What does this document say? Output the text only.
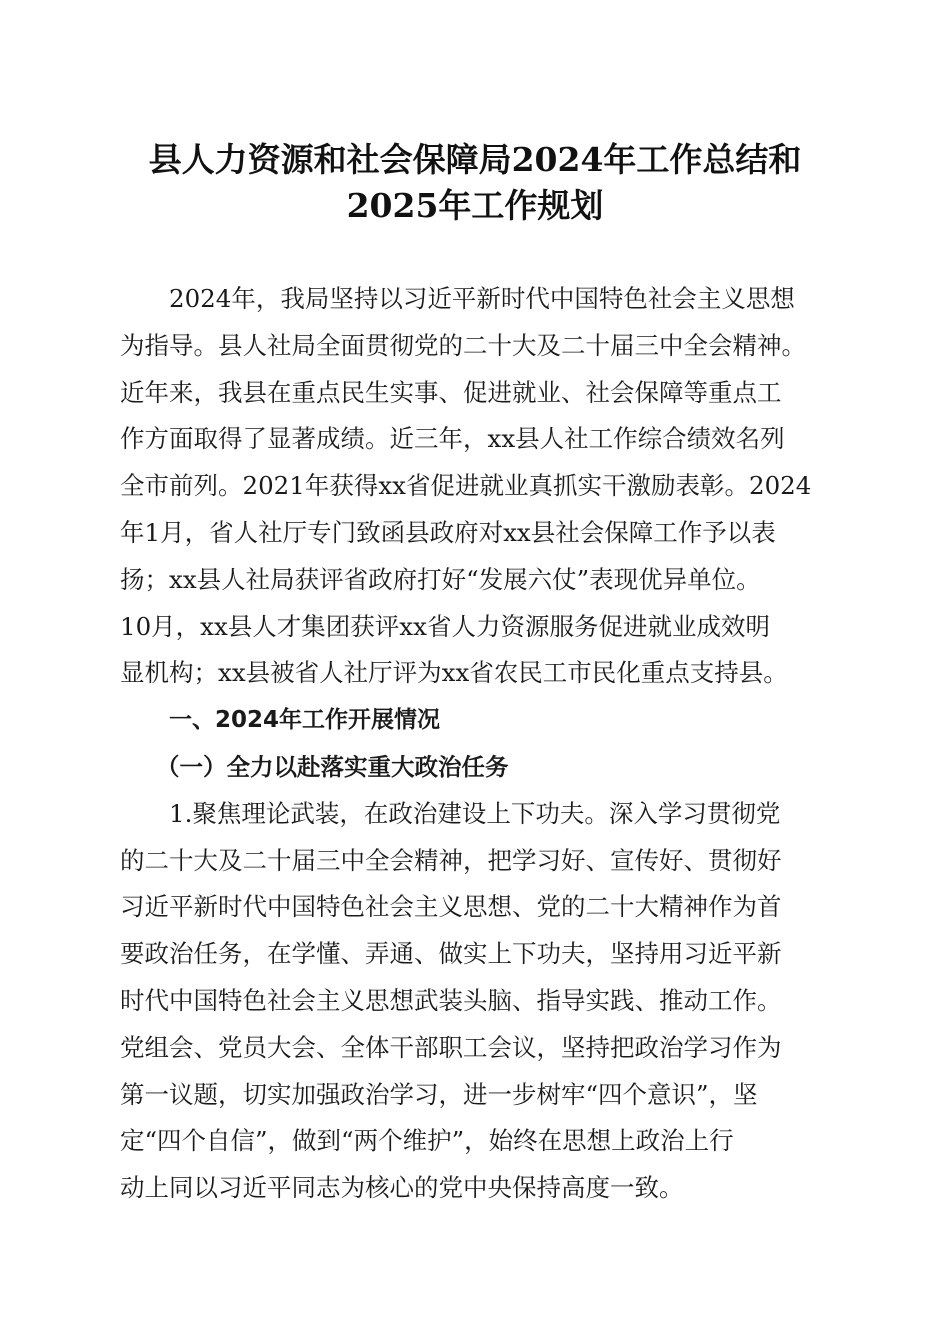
县人力资源和社会保障局2024年工作总结和
2025年工作规划

2024年，我局坚持以习近平新时代中国特色社会主义思想
为指导。县人社局全面贯彻党的二十大及二十届三中全会精神。
近年来，我县在重点民生实事、促进就业、社会保障等重点工
作方面取得了显著成绩。近三年，xx县人社工作综合绩效名列
全市前列。2021年获得xx省促进就业真抓实干激励表彰。2024
年1月，省人社厅专门致函县政府对xx县社会保障工作予以表
扬；xx县人社局获评省政府打好“发展六仗”表现优异单位。
10月，xx县人才集团获评xx省人力资源服务促进就业成效明
显机构；xx县被省人社厅评为xx省农民工市民化重点支持县。

一、2024年工作开展情况

（一）全力以赴落实重大政治任务

1.聚焦理论武装，在政治建设上下功夫。深入学习贯彻党
的二十大及二十届三中全会精神，把学习好、宣传好、贯彻好
习近平新时代中国特色社会主义思想、党的二十大精神作为首
要政治任务，在学懂、弄通、做实上下功夫，坚持用习近平新
时代中国特色社会主义思想武装头脑、指导实践、推动工作。
党组会、党员大会、全体干部职工会议，坚持把政治学习作为
第一议题，切实加强政治学习，进一步树牢“四个意识”，坚
定“四个自信”，做到“两个维护”，始终在思想上政治上行
动上同以习近平同志为核心的党中央保持高度一致。
